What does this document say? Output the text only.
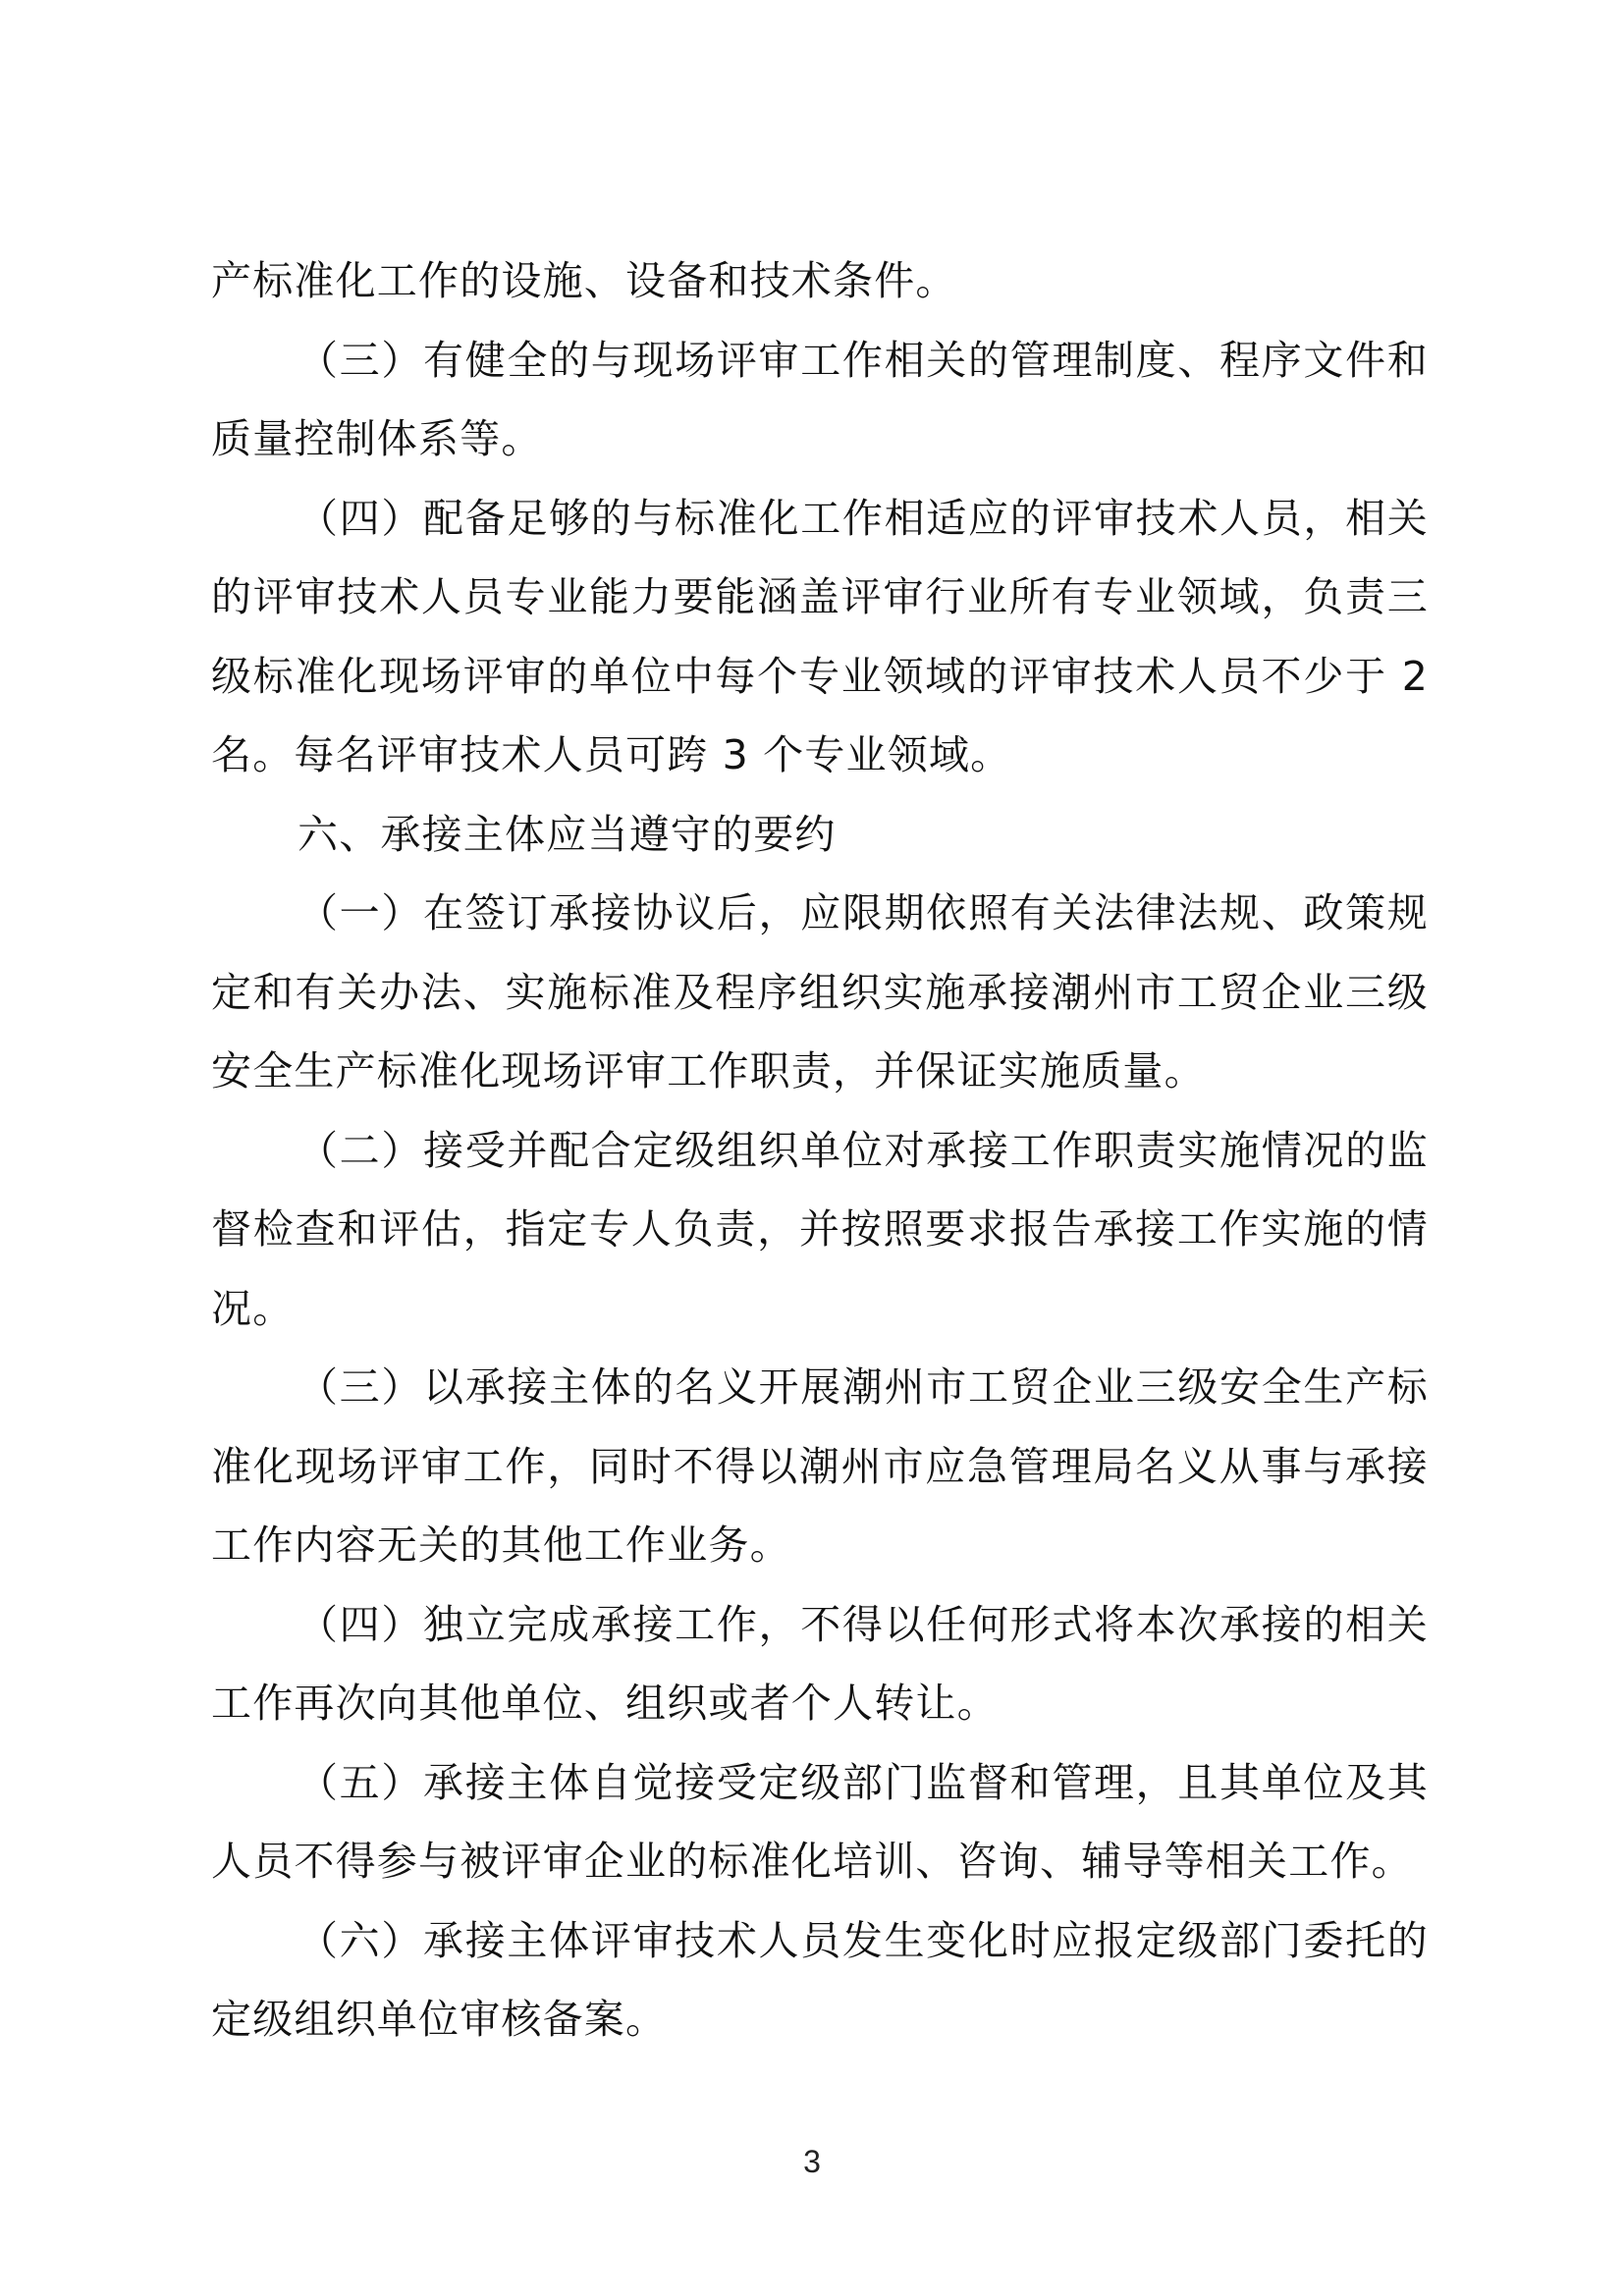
产标准化工作的设施、设备和技术条件。

（三）有健全的与现场评审工作相关的管理制度、程序文件和质量控制体系等。

（四）配备足够的与标准化工作相适应的评审技术人员，相关的评审技术人员专业能力要能涵盖评审行业所有专业领域，负责三级标准化现场评审的单位中每个专业领域的评审技术人员不少于 2 名。每名评审技术人员可跨 3 个专业领域。

六、承接主体应当遵守的要约

（一）在签订承接协议后，应限期依照有关法律法规、政策规定和有关办法、实施标准及程序组织实施承接潮州市工贸企业三级安全生产标准化现场评审工作职责，并保证实施质量。

（二）接受并配合定级组织单位对承接工作职责实施情况的监督检查和评估，指定专人负责，并按照要求报告承接工作实施的情况。

（三）以承接主体的名义开展潮州市工贸企业三级安全生产标准化现场评审工作，同时不得以潮州市应急管理局名义从事与承接工作内容无关的其他工作业务。

（四）独立完成承接工作，不得以任何形式将本次承接的相关工作再次向其他单位、组织或者个人转让。

（五）承接主体自觉接受定级部门监督和管理，且其单位及其人员不得参与被评审企业的标准化培训、咨询、辅导等相关工作。

（六）承接主体评审技术人员发生变化时应报定级部门委托的定级组织单位审核备案。

3
